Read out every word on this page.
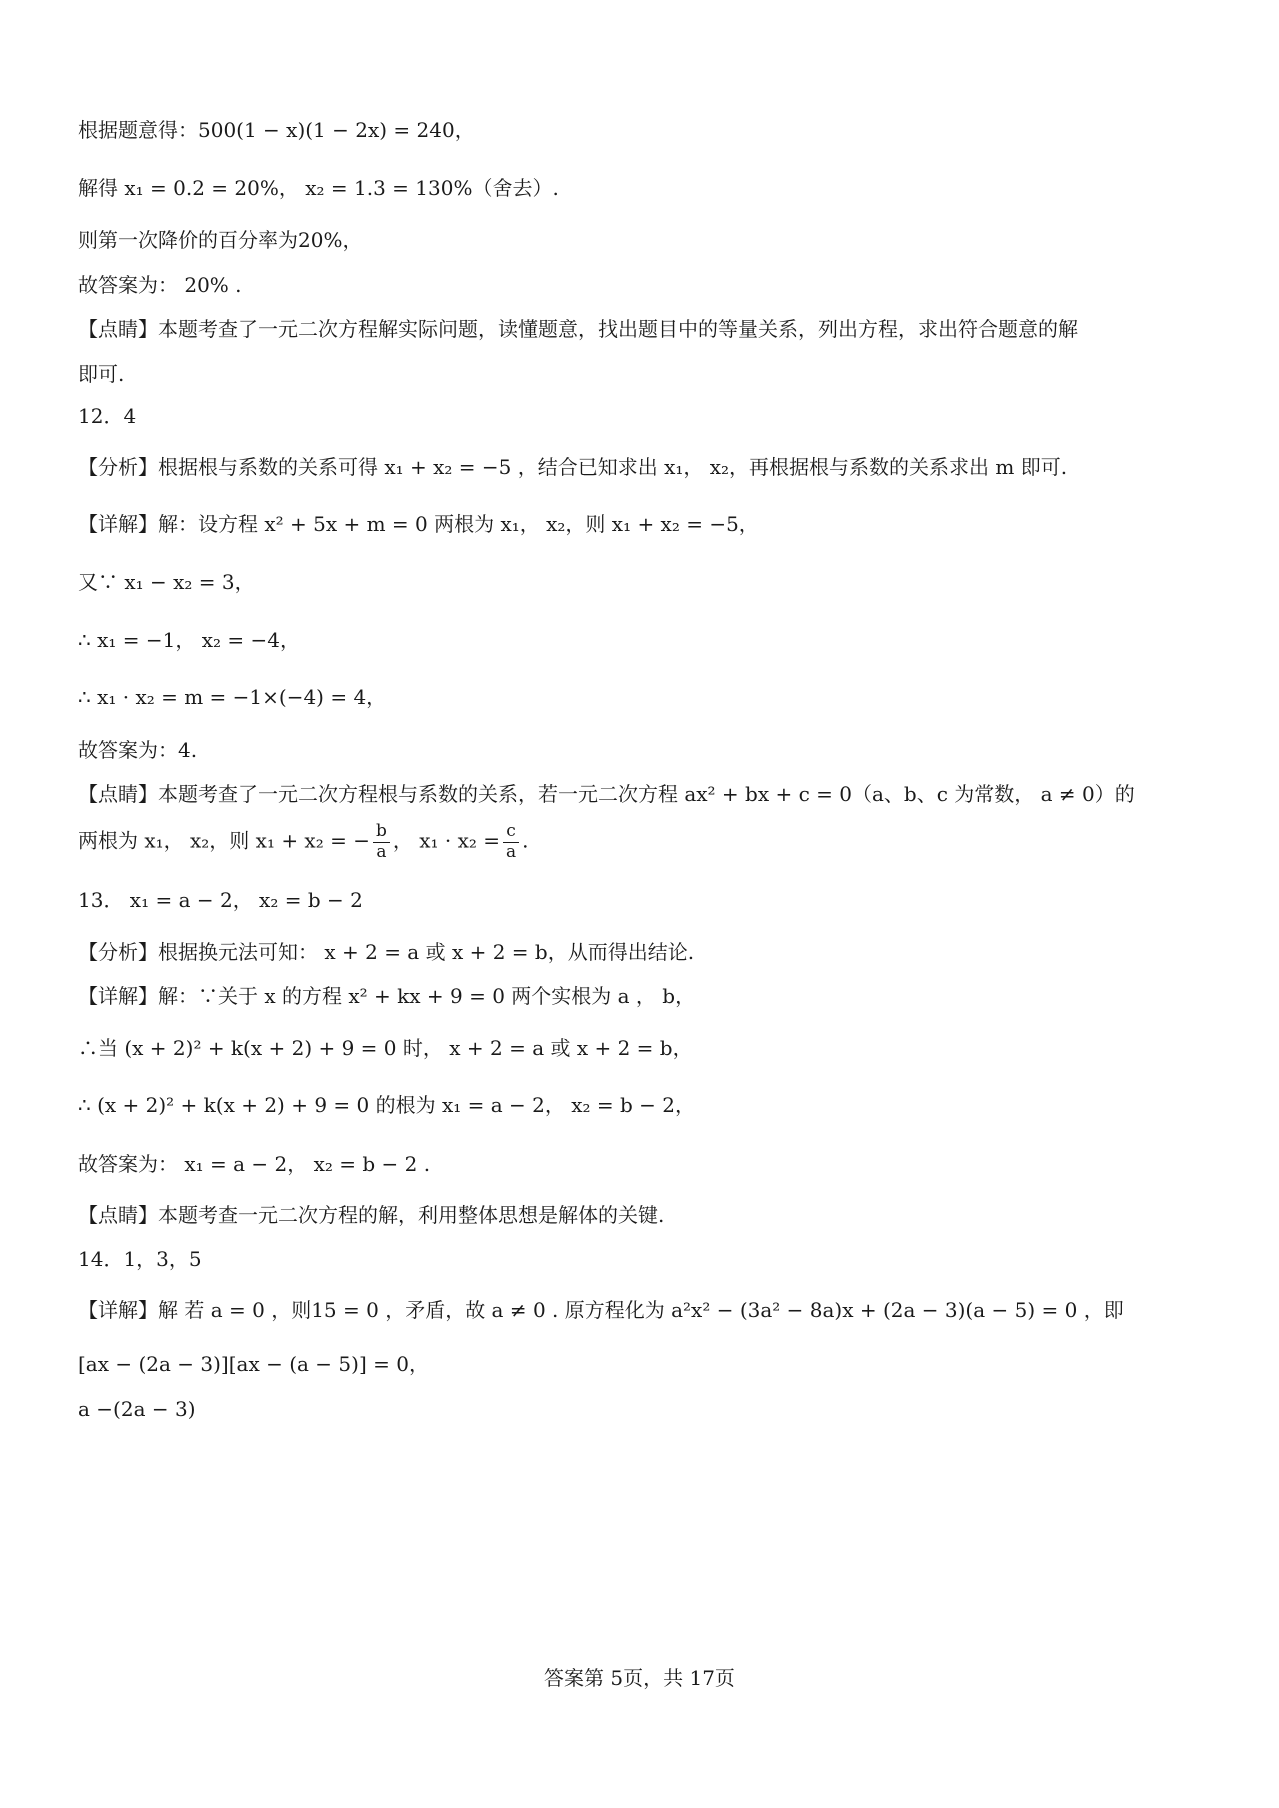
根据题意得：500(1 − x)(1 − 2x) = 240，
解得 x₁ = 0.2 = 20%， x₂ = 1.3 = 130%（舍去）.
则第一次降价的百分率为20%，
故答案为： 20% .
【点睛】本题考查了一元二次方程解实际问题，读懂题意，找出题目中的等量关系，列出方程，求出符合题意的解
即可.
12．4
【分析】根据根与系数的关系可得 x₁ + x₂ = −5 ，结合已知求出 x₁， x₂，再根据根与系数的关系求出 m 即可.
【详解】解：设方程 x² + 5x + m = 0 两根为 x₁， x₂，则 x₁ + x₂ = −5，
又∵ x₁ − x₂ = 3，
∴ x₁ = −1， x₂ = −4，
∴ x₁ · x₂ = m = −1×(−4) = 4，
故答案为：4.
【点睛】本题考查了一元二次方程根与系数的关系，若一元二次方程 ax² + bx + c = 0（a、b、c 为常数， a ≠ 0）的
两根为 x₁， x₂，则 x₁ + x₂ = − $\frac{b}{a}$ ， $x_1 \cdot x_2 = \frac{c}{a}$ .
13． x₁ = a − 2， x₂ = b − 2
【分析】根据换元法可知： x + 2 = a 或 x + 2 = b，从而得出结论.
【详解】解：∵关于 x 的方程 x² + kx + 9 = 0 两个实根为 a ， b，
∴当 (x + 2)² + k(x + 2) + 9 = 0 时， x + 2 = a 或 x + 2 = b，
∴ (x + 2)² + k(x + 2) + 9 = 0 的根为 x₁ = a − 2， x₂ = b − 2，
故答案为： x₁ = a − 2， x₂ = b − 2 .
【点睛】本题考查一元二次方程的解，利用整体思想是解体的关键.
14．1，3，5
【详解】解 若 a = 0 ，则15 = 0 ，矛盾，故 a ≠ 0 . 原方程化为 a²x² − (3a² − 8a)x + (2a − 3)(a − 5) = 0 ，即
[ax − (2a − 3)][ax − (a − 5)] = 0，
a −(2a − 3)
答案第 5页，共 17页
